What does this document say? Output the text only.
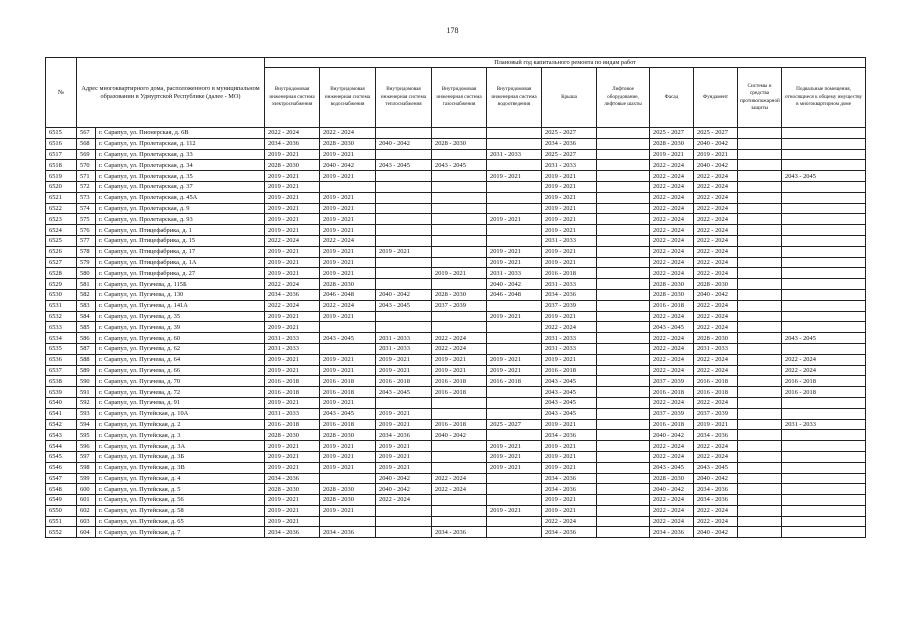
178
№	Адрес многоквартирного дома, расположенного в муниципальном образовании в Удмуртской Республике (далее - МО)		Плановый год капитального ремонта по видам работ										
			Внутридомовая инженерная система электроснабжения	Внутридомовая инженерная система водоснабжения	Внутридомовая инженерная система теплоснабжения	Внутридомовая инженерная система газоснабжения	Внутридомовая инженерная система водоотведения	Крыша	Лифтовое оборудование, лифтовые шахты	Фасад	Фундамент	Системы и средства противопожарной защиты	Подвальные помещения, относящиеся к общему имуществу в многоквартирном доме
6515	567	г. Сарапул, ул. Пионерская, д. 6В	2022 - 2024	2022 - 2024				2025 - 2027		2025 - 2027	2025 - 2027		
6516	568	г. Сарапул, ул. Пролетарская, д. 112	2034 - 2036	2028 - 2030	2040 - 2042	2028 - 2030		2034 - 2036		2028 - 2030	2040 - 2042		
6517	569	г. Сарапул, ул. Пролетарская, д. 33	2019 - 2021	2019 - 2021			2031 - 2033	2025 - 2027		2019 - 2021	2019 - 2021		
6518	570	г. Сарапул, ул. Пролетарская, д. 34	2028 - 2030	2040 - 2042	2043 - 2045	2043 - 2045		2031 - 2033		2022 - 2024	2040 - 2042		
6519	571	г. Сарапул, ул. Пролетарская, д. 35	2019 - 2021	2019 - 2021			2019 - 2021	2019 - 2021		2022 - 2024	2022 - 2024		2043 - 2045
6520	572	г. Сарапул, ул. Пролетарская, д. 37	2019 - 2021					2019 - 2021		2022 - 2024	2022 - 2024		
6521	573	г. Сарапул, ул. Пролетарская, д. 45А	2019 - 2021	2019 - 2021				2019 - 2021		2022 - 2024	2022 - 2024		
6522	574	г. Сарапул, ул. Пролетарская, д. 9	2019 - 2021	2019 - 2021				2019 - 2021		2022 - 2024	2022 - 2024		
6523	575	г. Сарапул, ул. Пролетарская, д. 93	2019 - 2021	2019 - 2021			2019 - 2021	2019 - 2021		2022 - 2024	2022 - 2024		
6524	576	г. Сарапул, ул. Птицефабрика, д. 1	2019 - 2021	2019 - 2021				2019 - 2021		2022 - 2024	2022 - 2024		
6525	577	г. Сарапул, ул. Птицефабрика, д. 15	2022 - 2024	2022 - 2024				2031 - 2033		2022 - 2024	2022 - 2024		
6526	578	г. Сарапул, ул. Птицефабрика, д. 17	2019 - 2021	2019 - 2021	2019 - 2021		2019 - 2021	2019 - 2021		2022 - 2024	2022 - 2024		
6527	579	г. Сарапул, ул. Птицефабрика, д. 1А	2019 - 2021	2019 - 2021			2019 - 2021	2019 - 2021		2022 - 2024	2022 - 2024		
6528	580	г. Сарапул, ул. Птицефабрика, д. 27	2019 - 2021	2019 - 2021		2019 - 2021	2031 - 2033	2016 - 2018		2022 - 2024	2022 - 2024		
6529	581	г. Сарапул, ул. Пугачева, д. 115Б	2022 - 2024	2028 - 2030			2040 - 2042	2031 - 2033		2028 - 2030	2028 - 2030		
6530	582	г. Сарапул, ул. Пугачева, д. 130	2034 - 2036	2046 - 2048	2040 - 2042	2028 - 2030	2046 - 2048	2034 - 2036		2028 - 2030	2040 - 2042		
6531	583	г. Сарапул, ул. Пугачева, д. 141А	2022 - 2024	2022 - 2024	2043 - 2045	2037 - 2039		2037 - 2039		2016 - 2018	2022 - 2024		
6532	584	г. Сарапул, ул. Пугачева, д. 35	2019 - 2021	2019 - 2021			2019 - 2021	2019 - 2021		2022 - 2024	2022 - 2024		
6533	585	г. Сарапул, ул. Пугачева, д. 39	2019 - 2021					2022 - 2024		2043 - 2045	2022 - 2024		
6534	586	г. Сарапул, ул. Пугачева, д. 60	2031 - 2033	2043 - 2045	2031 - 2033	2022 - 2024		2031 - 2033		2022 - 2024	2028 - 2030		2043 - 2045
6535	587	г. Сарапул, ул. Пугачева, д. 62	2031 - 2033		2031 - 2033	2022 - 2024		2031 - 2033		2022 - 2024	2031 - 2033		
6536	588	г. Сарапул, ул. Пугачева, д. 64	2019 - 2021	2019 - 2021	2019 - 2021	2019 - 2021	2019 - 2021	2019 - 2021		2022 - 2024	2022 - 2024		2022 - 2024
6537	589	г. Сарапул, ул. Пугачева, д. 66	2019 - 2021	2019 - 2021	2019 - 2021	2019 - 2021	2019 - 2021	2016 - 2018		2022 - 2024	2022 - 2024		2022 - 2024
6538	590	г. Сарапул, ул. Пугачева, д. 70	2016 - 2018	2016 - 2018	2016 - 2018	2016 - 2018	2016 - 2018	2043 - 2045		2037 - 2039	2016 - 2018		2016 - 2018
6539	591	г. Сарапул, ул. Пугачева, д. 72	2016 - 2018	2016 - 2018	2043 - 2045	2016 - 2018		2043 - 2045		2016 - 2018	2016 - 2018		2016 - 2018
6540	592	г. Сарапул, ул. Пугачева, д. 91	2019 - 2021	2019 - 2021				2043 - 2045		2022 - 2024	2022 - 2024		
6541	593	г. Сарапул, ул. Путейская, д. 10А	2031 - 2033	2043 - 2045	2019 - 2021			2043 - 2045		2037 - 2039	2037 - 2039		
6542	594	г. Сарапул, ул. Путейская, д. 2	2016 - 2018	2016 - 2018	2019 - 2021	2016 - 2018	2025 - 2027	2019 - 2021		2016 - 2018	2019 - 2021		2031 - 2033
6543	595	г. Сарапул, ул. Путейская, д. 3	2028 - 2030	2028 - 2030	2034 - 2036	2040 - 2042		2034 - 2036		2040 - 2042	2034 - 2036		
6544	596	г. Сарапул, ул. Путейская, д. 3А	2019 - 2021	2019 - 2021	2019 - 2021		2019 - 2021	2019 - 2021		2022 - 2024	2022 - 2024		
6545	597	г. Сарапул, ул. Путейская, д. 3Б	2019 - 2021	2019 - 2021	2019 - 2021		2019 - 2021	2019 - 2021		2022 - 2024	2022 - 2024		
6546	598	г. Сарапул, ул. Путейская, д. 3В	2019 - 2021	2019 - 2021	2019 - 2021		2019 - 2021	2019 - 2021		2043 - 2045	2043 - 2045		
6547	599	г. Сарапул, ул. Путейская, д. 4	2034 - 2036		2040 - 2042	2022 - 2024		2034 - 2036		2028 - 2030	2040 - 2042		
6548	600	г. Сарапул, ул. Путейская, д. 5	2028 - 2030	2028 - 2030	2040 - 2042	2022 - 2024		2034 - 2036		2040 - 2042	2034 - 2036		
6549	601	г. Сарапул, ул. Путейская, д. 56	2019 - 2021	2028 - 2030	2022 - 2024			2019 - 2021		2022 - 2024	2034 - 2036		
6550	602	г. Сарапул, ул. Путейская, д. 58	2019 - 2021	2019 - 2021			2019 - 2021	2019 - 2021		2022 - 2024	2022 - 2024		
6551	603	г. Сарапул, ул. Путейская, д. 65	2019 - 2021					2022 - 2024		2022 - 2024	2022 - 2024		
6552	604	г. Сарапул, ул. Путейская, д. 7	2034 - 2036	2034 - 2036		2034 - 2036		2034 - 2036		2034 - 2036	2040 - 2042		
